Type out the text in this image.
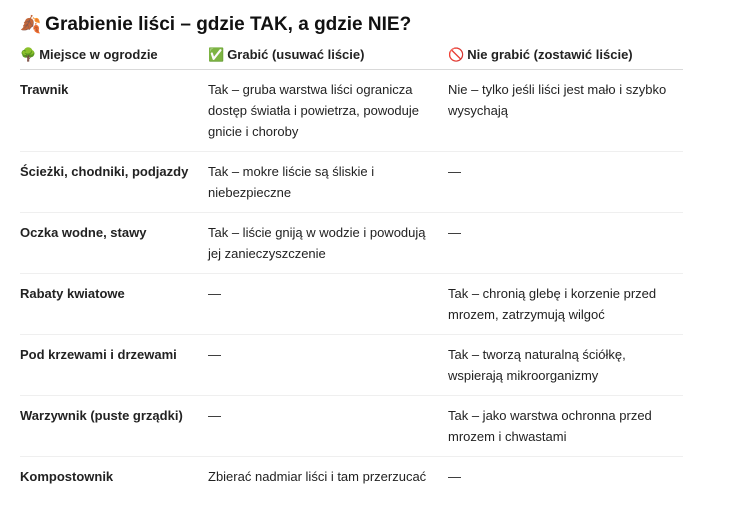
🍂 Grabienie liści – gdzie TAK, a gdzie NIE?
🌳 Miejsce w ogrodzie	✅ Grabić (usuwać liście)	🚫 Nie grabić (zostawić liście)
Trawnik	Tak – gruba warstwa liści ogranicza dostęp światła i powietrza, powoduje gnicie i choroby	Nie – tylko jeśli liści jest mało i szybko wysychają
Ścieżki, chodniki, podjazdy	Tak – mokre liście są śliskie i niebezpieczne	—
Oczka wodne, stawy	Tak – liście gniją w wodzie i powodują jej zanieczyszczenie	—
Rabaty kwiatowe	—	Tak – chronią glebę i korzenie przed mrozem, zatrzymują wilgoć
Pod krzewami i drzewami	—	Tak – tworzą naturalną ściółkę, wspierają mikroorganizmy
Warzywnik (puste grządki)	—	Tak – jako warstwa ochronna przed mrozem i chwastami
Kompostownik	Zbierać nadmiar liści i tam przerzucać	—
